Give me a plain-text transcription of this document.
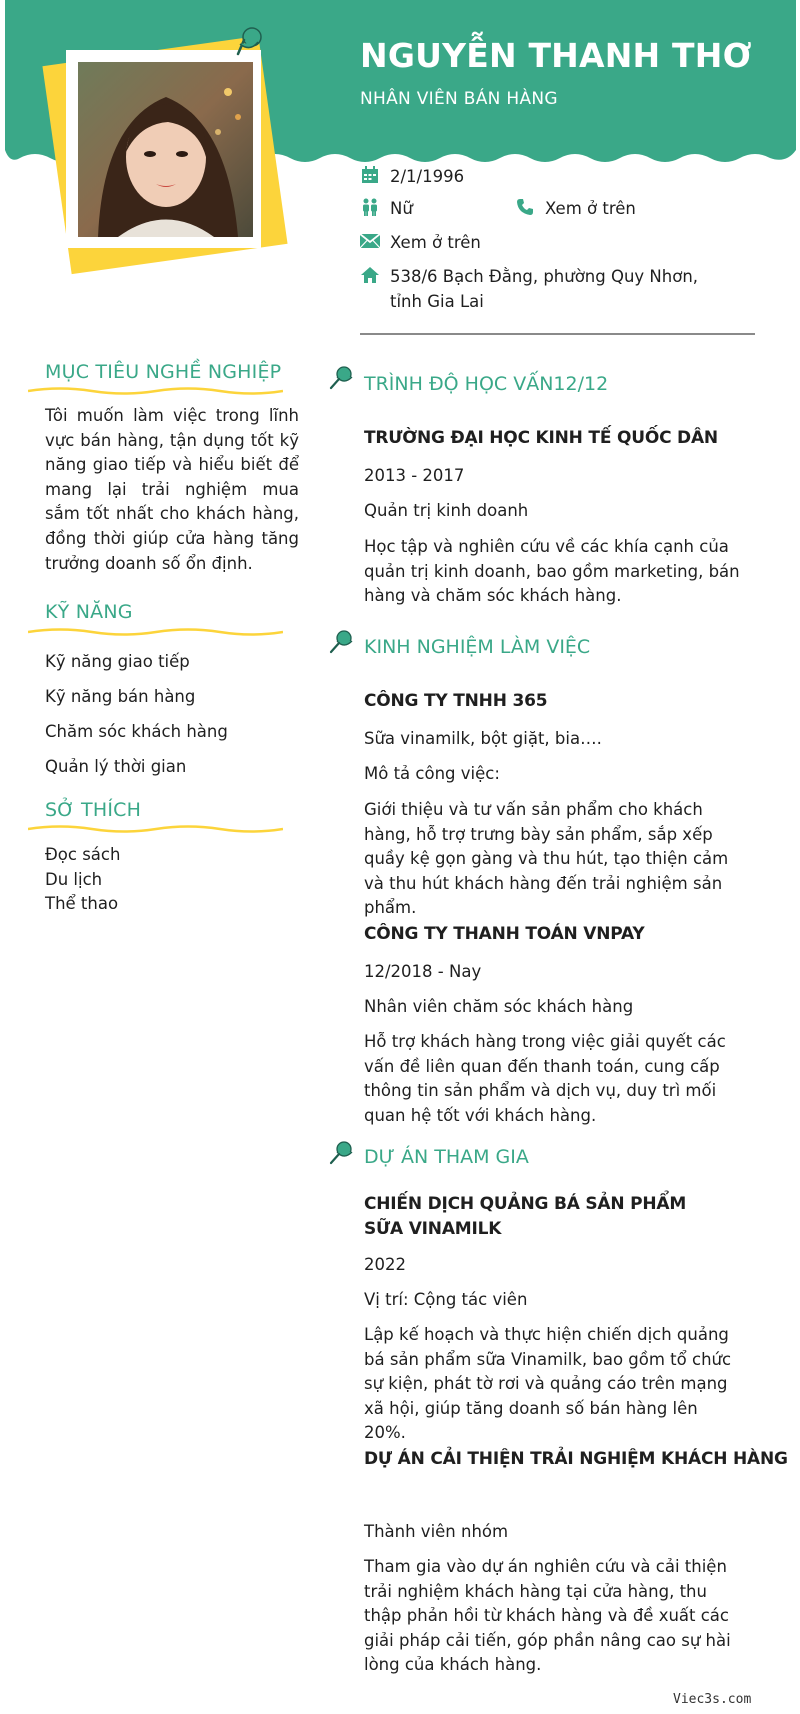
NGUYỄN THANH THƠ
NHÂN VIÊN BÁN HÀNG
2/1/1996
Nữ	Xem ở trên
Xem ở trên
538/6 Bạch Đằng, phường Quy Nhơn, tỉnh Gia Lai
MỤC TIÊU NGHỀ NGHIỆP
Tôi muốn làm việc trong lĩnh vực bán hàng, tận dụng tốt kỹ năng giao tiếp và hiểu biết để mang lại trải nghiệm mua sắm tốt nhất cho khách hàng, đồng thời giúp cửa hàng tăng trưởng doanh số ổn định.
KỸ NĂNG
Kỹ năng giao tiếp
Kỹ năng bán hàng
Chăm sóc khách hàng
Quản lý thời gian
SỞ THÍCH
Đọc sách
Du lịch
Thể thao
TRÌNH ĐỘ HỌC VẤN12/12
TRƯỜNG ĐẠI HỌC KINH TẾ QUỐC DÂN
2013 - 2017
Quản trị kinh doanh
Học tập và nghiên cứu về các khía cạnh của quản trị kinh doanh, bao gồm marketing, bán hàng và chăm sóc khách hàng.
KINH NGHIỆM LÀM VIỆC
CÔNG TY TNHH 365
Sữa vinamilk, bột giặt, bia….
Mô tả công việc:
Giới thiệu và tư vấn sản phẩm cho khách hàng, hỗ trợ trưng bày sản phẩm, sắp xếp quầy kệ gọn gàng và thu hút, tạo thiện cảm và thu hút khách hàng đến trải nghiệm sản phẩm.
CÔNG TY THANH TOÁN VNPAY
12/2018 - Nay
Nhân viên chăm sóc khách hàng
Hỗ trợ khách hàng trong việc giải quyết các vấn đề liên quan đến thanh toán, cung cấp thông tin sản phẩm và dịch vụ, duy trì mối quan hệ tốt với khách hàng.
DỰ ÁN THAM GIA
CHIẾN DỊCH QUẢNG BÁ SẢN PHẨM SỮA VINAMILK
2022
Vị trí: Cộng tác viên
Lập kế hoạch và thực hiện chiến dịch quảng bá sản phẩm sữa Vinamilk, bao gồm tổ chức sự kiện, phát tờ rơi và quảng cáo trên mạng xã hội, giúp tăng doanh số bán hàng lên 20%.
DỰ ÁN CẢI THIỆN TRẢI NGHIỆM KHÁCH HÀNG
Thành viên nhóm
Tham gia vào dự án nghiên cứu và cải thiện trải nghiệm khách hàng tại cửa hàng, thu thập phản hồi từ khách hàng và đề xuất các giải pháp cải tiến, góp phần nâng cao sự hài lòng của khách hàng.
Viec3s.com
